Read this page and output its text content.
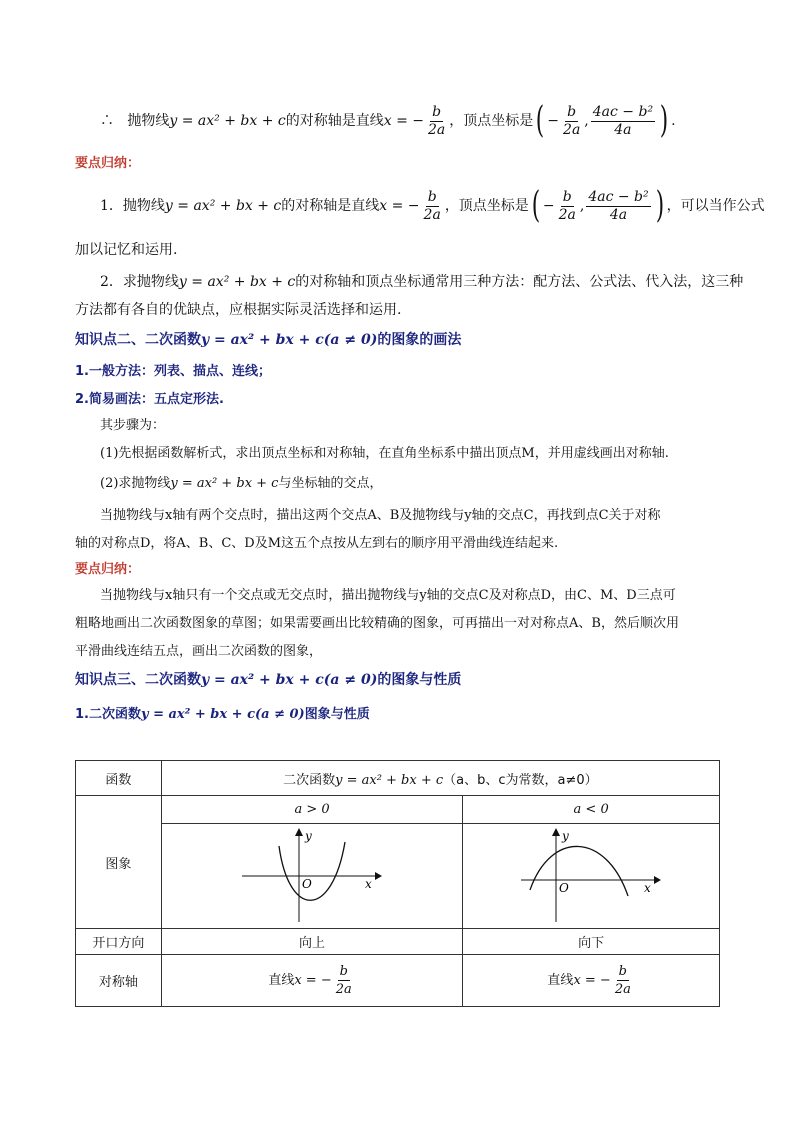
∴ 抛物线y = ax² + bx + c的对称轴是直线x = − $\frac{b}{2a}$ ，顶点坐标是( − $\frac{b}{2a}$ , $\frac{\text{4ac − b²}}{4a}$ ) .
要点归纳：
1．抛物线y = ax² + bx + c的对称轴是直线x = − $\frac{b}{2a}$ ，顶点坐标是( − $\frac{b}{2a}$ , $\frac{\text{4ac − b²}}{4a}$ ) ，可以当作公式
加以记忆和运用.
2．求抛物线y = ax² + bx + c的对称轴和顶点坐标通常用三种方法：配方法、公式法、代入法，这三种
方法都有各自的优缺点，应根据实际灵活选择和运用.
知识点二、二次函数y = ax² + bx + c(a ≠ 0)的图象的画法
1.一般方法：列表、描点、连线；
2.简易画法：五点定形法.
其步骤为：
(1)先根据函数解析式，求出顶点坐标和对称轴，在直角坐标系中描出顶点M，并用虚线画出对称轴.
(2)求抛物线y = ax² + bx + c与坐标轴的交点，
当抛物线与x轴有两个交点时，描出这两个交点A、B及抛物线与y轴的交点C，再找到点C关于对称
轴的对称点D，将A、B、C、D及M这五个点按从左到右的顺序用平滑曲线连结起来.
要点归纳：
当抛物线与x轴只有一个交点或无交点时，描出抛物线与y轴的交点C及对称点D，由C、M、D三点可
粗略地画出二次函数图象的草图；如果需要画出比较精确的图象，可再描出一对对称点A、B，然后顺次用
平滑曲线连结五点，画出二次函数的图象，
知识点三、二次函数y = ax² + bx + c(a ≠ 0)的图象与性质
1.二次函数y = ax² + bx + c(a ≠ 0)图象与性质
函数	二次函数y = ax² + bx + c（a、b、c为常数，a≠0）	
图象	a > 0	a < 0

y
x
O	y
x
O

开口方向	向上	向下
对称轴	直线x = − $\frac{b}{2a}$	直线x = − $\frac{b}{2a}$
